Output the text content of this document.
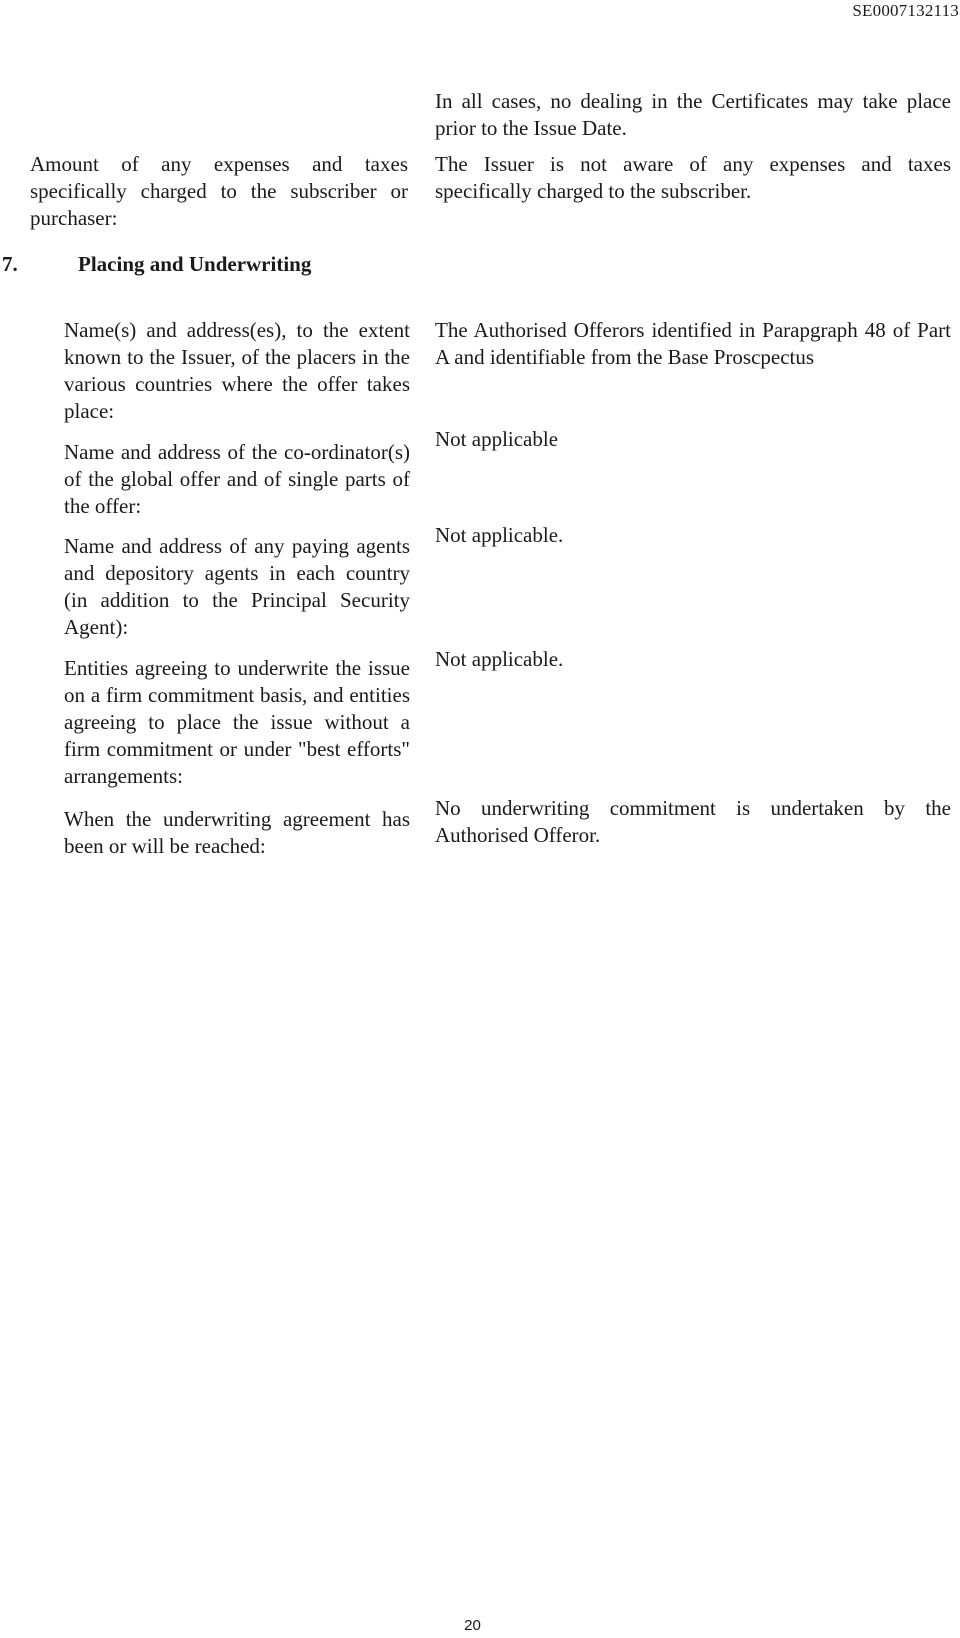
SE0007132113
In all cases, no dealing in the Certificates may take place prior to the Issue Date.
Amount of any expenses and taxes specifically charged to the subscriber or purchaser:
The Issuer is not aware of any expenses and taxes specifically charged to the subscriber.
7.	Placing and Underwriting
Name(s) and address(es), to the extent known to the Issuer, of the placers in the various countries where the offer takes place:
The Authorised Offerors identified in Parapgraph 48 of Part A and identifiable from the Base Proscpectus
Name and address of the co-ordinator(s) of the global offer and of single parts of the offer:
Not applicable
Name and address of any paying agents and depository agents in each country (in addition to the Principal Security Agent):
Not applicable.
Entities agreeing to underwrite the issue on a firm commitment basis, and entities agreeing to place the issue without a firm commitment or under "best efforts" arrangements:
Not applicable.
When the underwriting agreement has been or will be reached:
No underwriting commitment is undertaken by the Authorised Offeror.
20
